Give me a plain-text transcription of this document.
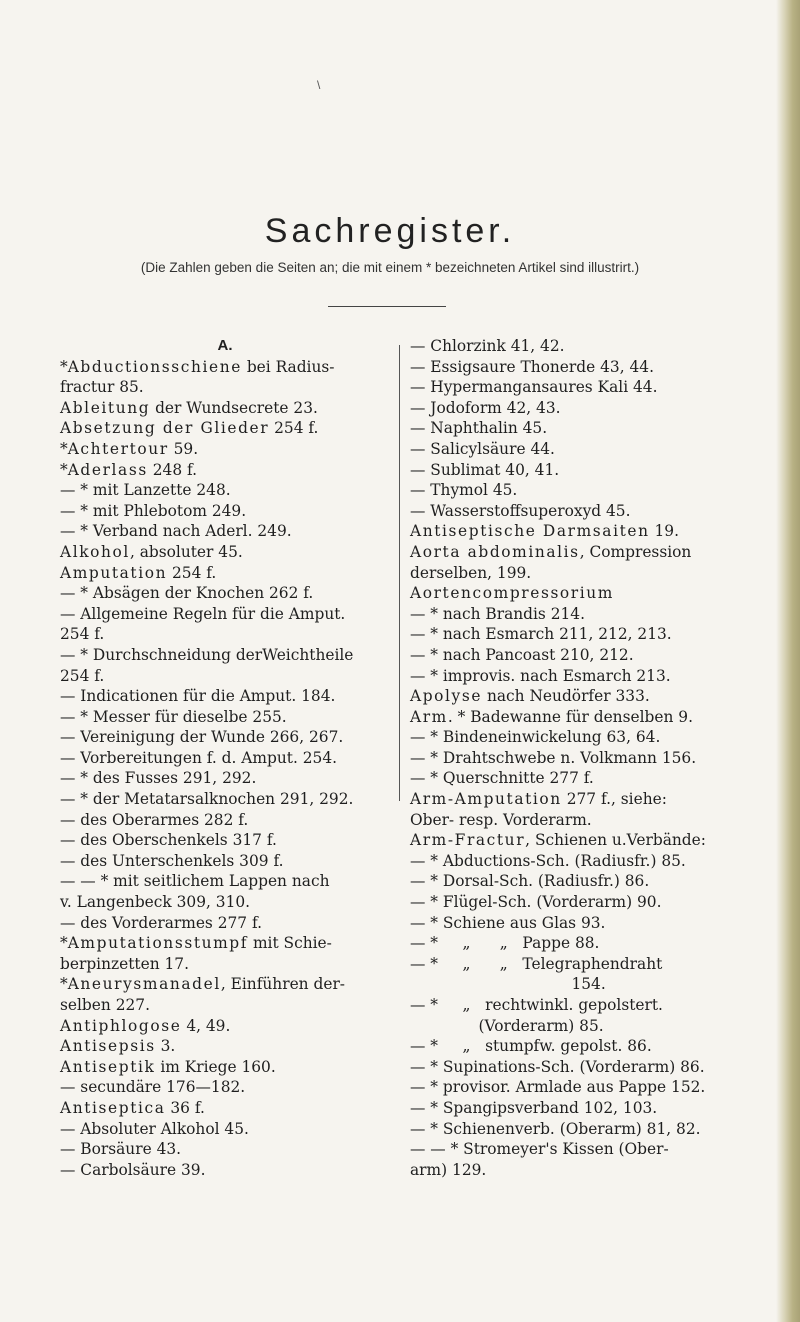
\
Sachregister.
(Die Zahlen geben die Seiten an; die mit einem * bezeichneten Artikel sind illustrirt.)
A.
*Abductionsschiene bei Radius-
fractur 85.
Ableitung der Wundsecrete 23.
Absetzung der Glieder 254 f.
*Achtertour 59.
*Aderlass 248 f.
— * mit Lanzette 248.
— * mit Phlebotom 249.
— * Verband nach Aderl. 249.
Alkohol, absoluter 45.
Amputation 254 f.
— * Absägen der Knochen 262 f.
— Allgemeine Regeln für die Amput.
254 f.
— * Durchschneidung derWeichtheile
254 f.
— Indicationen für die Amput. 184.
— * Messer für dieselbe 255.
— Vereinigung der Wunde 266, 267.
— Vorbereitungen f. d. Amput. 254.
— * des Fusses 291, 292.
— * der Metatarsalknochen 291, 292.
— des Oberarmes 282 f.
— des Oberschenkels 317 f.
— des Unterschenkels 309 f.
— — * mit seitlichem Lappen nach
v. Langenbeck 309, 310.
— des Vorderarmes 277 f.
*Amputationsstumpf mit Schie-
berpinzetten 17.
*Aneurysmanadel, Einführen der-
selben 227.
Antiphlogose 4, 49.
Antisepsis 3.
Antiseptik im Kriege 160.
— secundäre 176—182.
Antiseptica 36 f.
— Absoluter Alkohol 45.
— Borsäure 43.
— Carbolsäure 39.
— Chlorzink 41, 42.
— Essigsaure Thonerde 43, 44.
— Hypermangansaures Kali 44.
— Jodoform 42, 43.
— Naphthalin 45.
— Salicylsäure 44.
— Sublimat 40, 41.
— Thymol 45.
— Wasserstoffsuperoxyd 45.
Antiseptische Darmsaiten 19.
Aorta abdominalis, Compression
derselben, 199.
Aortencompressorium
— * nach Brandis 214.
— * nach Esmarch 211, 212, 213.
— * nach Pancoast 210, 212.
— * improvis. nach Esmarch 213.
Apolyse nach Neudörfer 333.
Arm. * Badewanne für denselben 9.
— * Bindeneinwickelung 63, 64.
— * Drahtschwebe n. Volkmann 156.
— * Querschnitte 277 f.
Arm-Amputation 277 f., siehe:
Ober- resp. Vorderarm.
Arm-Fractur, Schienen u.Verbände:
— * Abductions-Sch. (Radiusfr.) 85.
— * Dorsal-Sch. (Radiusfr.) 86.
— * Flügel-Sch. (Vorderarm) 90.
— * Schiene aus Glas 93.
— *     „      „   Pappe 88.
— *     „      „   Telegraphendraht
154.
— *     „   rechtwinkl. gepolstert.
(Vorderarm) 85.
— *     „   stumpfw. gepolst. 86.
— * Supinations-Sch. (Vorderarm) 86.
— * provisor. Armlade aus Pappe 152.
— * Spangipsverband 102, 103.
— * Schienenverb. (Oberarm) 81, 82.
— — * Stromeyer's Kissen (Ober-
arm) 129.
